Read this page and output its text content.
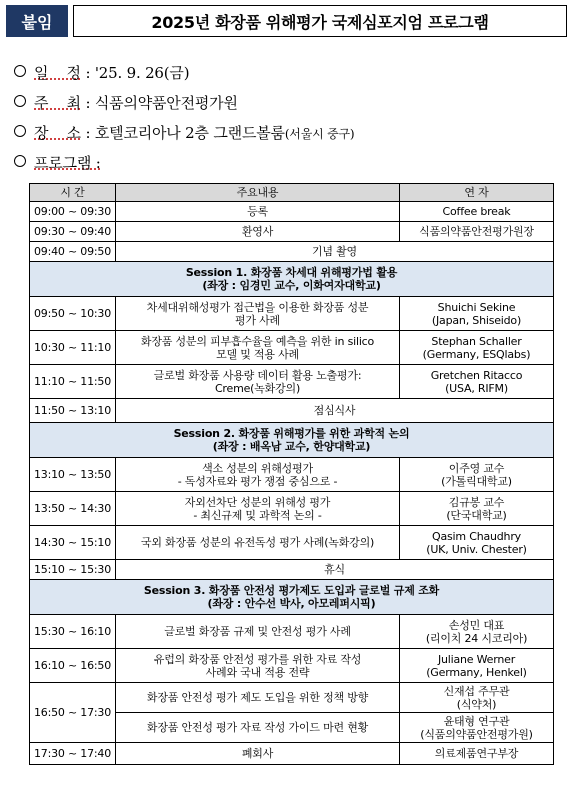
붙임	2025년 화장품 위해평가 국제심포지엄 프로그램
일    정 : '25. 9. 26(금)
주    최 : 식품의약품안전평가원
장    소 : 호텔코리아나 2층 그랜드볼룸(서울시 중구)
프로그램 :
시 간	주요내용	연 자
09:00 ~ 09:30	등록	Coffee break

09:30 ~ 09:40	환영사	식품의약품안전평가원장

09:40 ~ 09:50	기념 촬영	

Session 1. 화장품 차세대 위해평가법 활용
(좌장 : 임경민 교수, 이화여자대학교)		

09:50 ~ 10:30	차세대위해성평가 접근법을 이용한 화장품 성분
평가 사례	Shuichi Sekine
(Japan, Shiseido)

10:30 ~ 11:10	화장품 성분의 피부흡수율을 예측을 위한 in silico
모델 및 적용 사례	Stephan Schaller
(Germany, ESQlabs)

11:10 ~ 11:50	글로벌 화장품 사용량 데이터 활용 노출평가:
Creme(녹화강의)	Gretchen Ritacco
(USA, RIFM)

11:50 ~ 13:10	점심식사	

Session 2. 화장품 위해평가를 위한 과학적 논의
(좌장 : 배옥남 교수, 한양대학교)		

13:10 ~ 13:50	색소 성분의 위해성평가
- 독성자료와 평가 쟁점 중심으로 -	이주영 교수
(가톨릭대학교)

13:50 ~ 14:30	자외선차단 성분의 위해성 평가
- 최신규제 및 과학적 논의 -	김규봉 교수
(단국대학교)

14:30 ~ 15:10	국외 화장품 성분의 유전독성 평가 사례(녹화강의)	Qasim Chaudhry
(UK, Univ. Chester)

15:10 ~ 15:30	휴식	

Session 3. 화장품 안전성 평가제도 도입과 글로벌 규제 조화
(좌장 : 안수선 박사, 아모레퍼시픽)		

15:30 ~ 16:10	글로벌 화장품 규제 및 안전성 평가 사례	손성민 대표
(리이치 24 시코리아)

16:10 ~ 16:50	유럽의 화장품 안전성 평가를 위한 자료 작성
사례와 국내 적용 전략	Juliane Werner
(Germany, Henkel)

16:50 ~ 17:30	화장품 안전성 평가 제도 도입을 위한 정책 방향	신재섭 주무관
(식약처)

	화장품 안전성 평가 자료 작성 가이드 마련 현황	윤태형 연구관
(식품의약품안전평가원)

17:30 ~ 17:40	폐회사	의료제품연구부장
